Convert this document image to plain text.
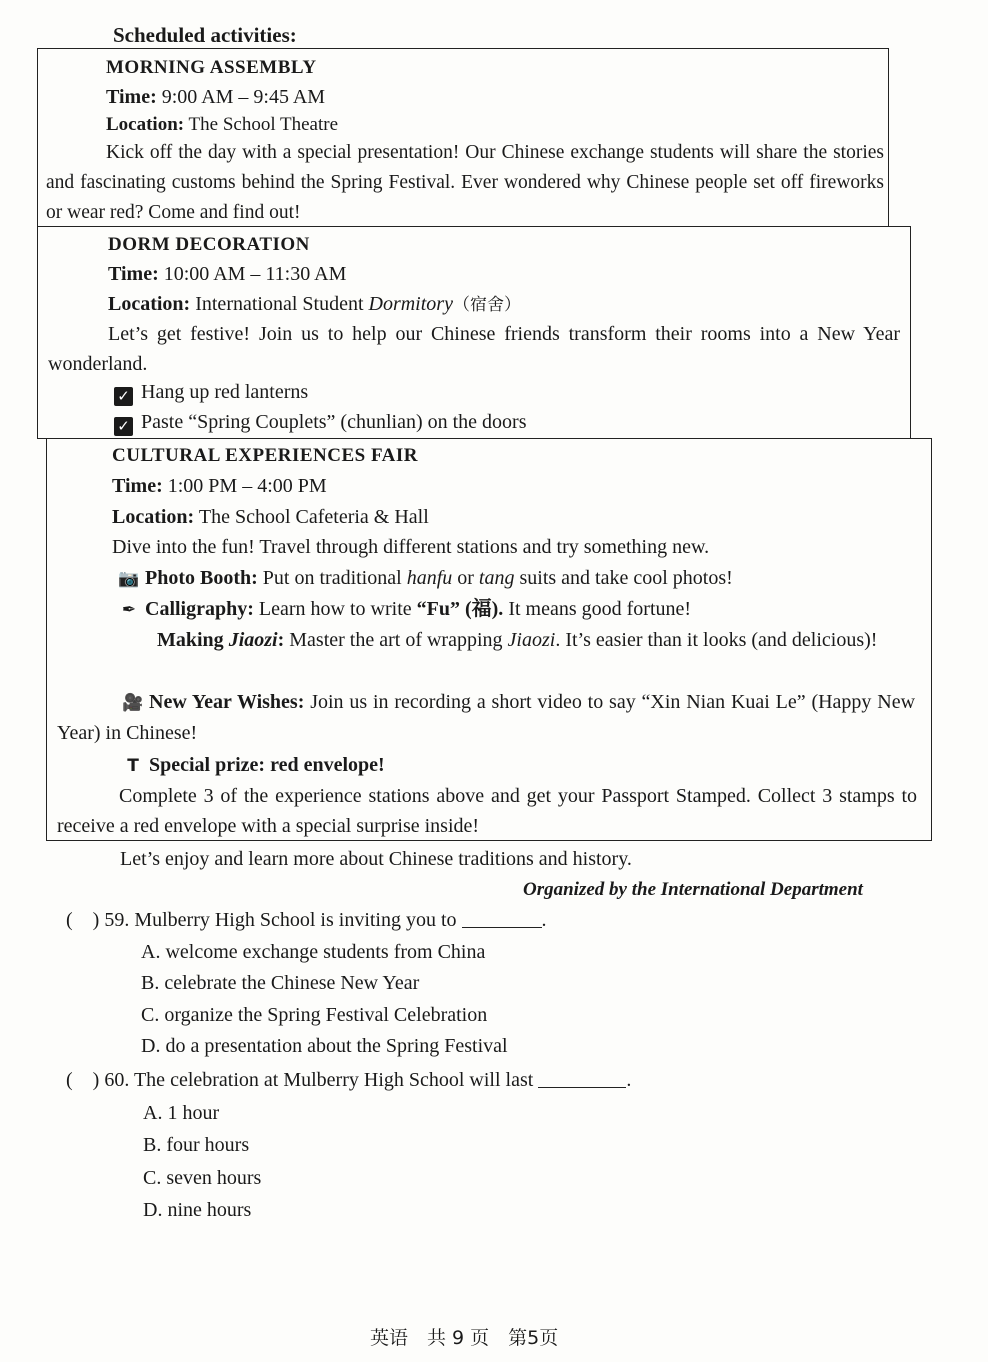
Scheduled activities:
MORNING ASSEMBLY
Time: 9:00 AM – 9:45 AM
Location: The School Theatre
Kick off the day with a special presentation! Our Chinese exchange students will share the stories and fascinating customs behind the Spring Festival. Ever wondered why Chinese people set off fireworks or wear red? Come and find out!
DORM DECORATION
Time: 10:00 AM – 11:30 AM
Location: International Student Dormitory（宿舍）
Let’s get festive! Join us to help our Chinese friends transform their rooms into a New Year wonderland.
✓ Hang up red lanterns
✓ Paste “Spring Couplets” (chunlian) on the doors
CULTURAL EXPERIENCES FAIR
Time: 1:00 PM – 4:00 PM
Location: The School Cafeteria & Hall
Dive into the fun! Travel through different stations and try something new.
📷 Photo Booth: Put on traditional hanfu or tang suits and take cool photos!
✒ Calligraphy: Learn how to write “Fu” (福). It means good fortune!
Making Jiaozi: Master the art of wrapping Jiaozi. It’s easier than it looks (and delicious)!
🎥 New Year Wishes: Join us in recording a short video to say “Xin Nian Kuai Le” (Happy New Year) in Chinese!
T Special prize: red envelope!
Complete 3 of the experience stations above and get your Passport Stamped. Collect 3 stamps to receive a red envelope with a special surprise inside!
Let’s enjoy and learn more about Chinese traditions and history.
Organized by the International Department
(    ) 59. Mulberry High School is inviting you to	.
A. welcome exchange students from China
B. celebrate the Chinese New Year
C. organize the Spring Festival Celebration
D. do a presentation about the Spring Festival
(    ) 60. The celebration at Mulberry High School will last	.
A. 1 hour
B. four hours
C. seven hours
D. nine hours
英语　共 9 页　第5页
